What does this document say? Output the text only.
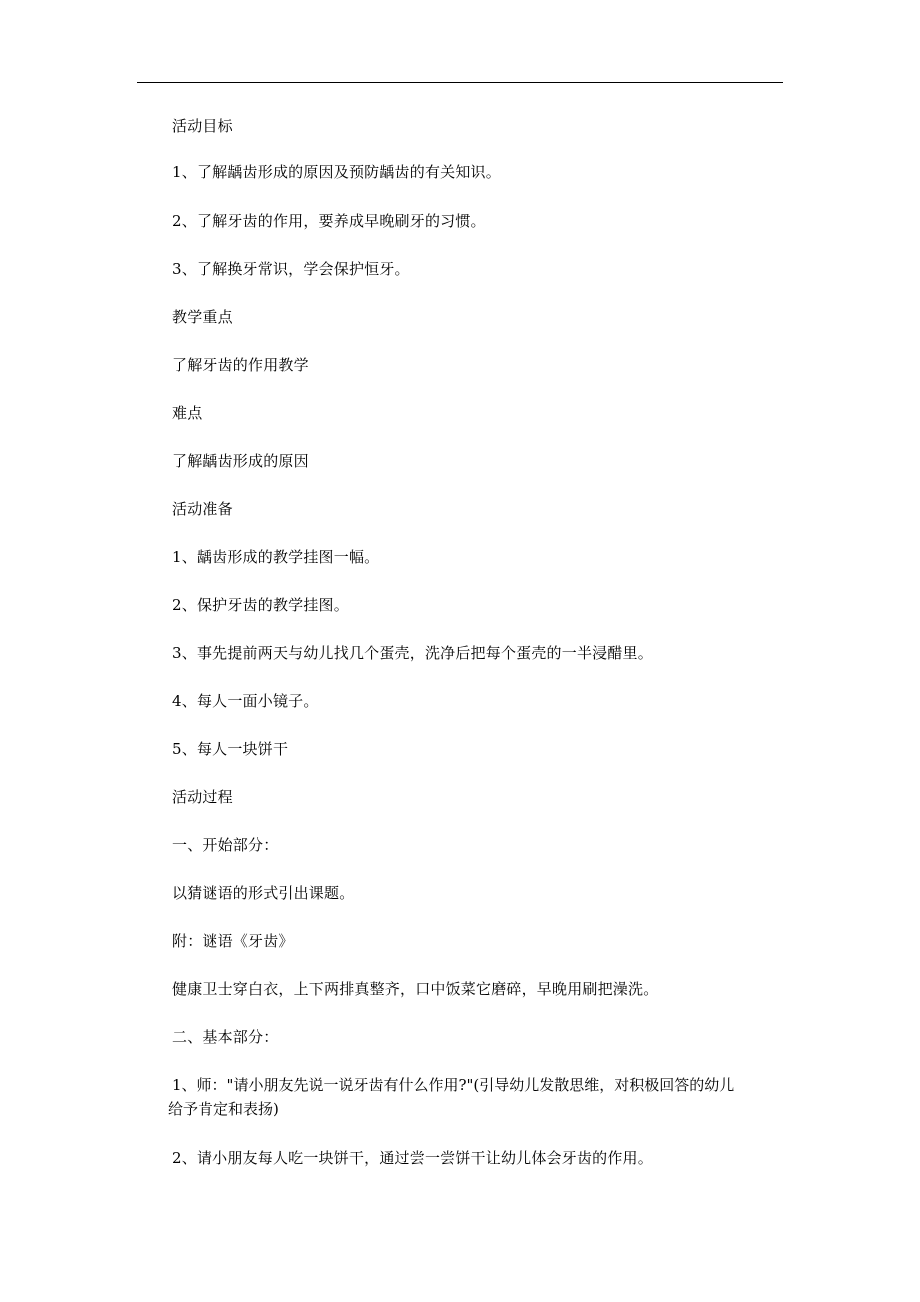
活动目标
1、了解龋齿形成的原因及预防龋齿的有关知识。
2、了解牙齿的作用，要养成早晚刷牙的习惯。
3、了解换牙常识，学会保护恒牙。
教学重点
了解牙齿的作用教学
难点
了解龋齿形成的原因
活动准备
1、龋齿形成的教学挂图一幅。
2、保护牙齿的教学挂图。
3、事先提前两天与幼儿找几个蛋壳，洗净后把每个蛋壳的一半浸醋里。
4、每人一面小镜子。
5、每人一块饼干
活动过程
一、开始部分：
以猜谜语的形式引出课题。
附：谜语《牙齿》
健康卫士穿白衣，上下两排真整齐，口中饭菜它磨碎，早晚用刷把澡洗。
二、基本部分：
1、师："请小朋友先说一说牙齿有什么作用?"(引导幼儿发散思维，对积极回答的幼儿
给予肯定和表扬)
2、请小朋友每人吃一块饼干，通过尝一尝饼干让幼儿体会牙齿的作用。
